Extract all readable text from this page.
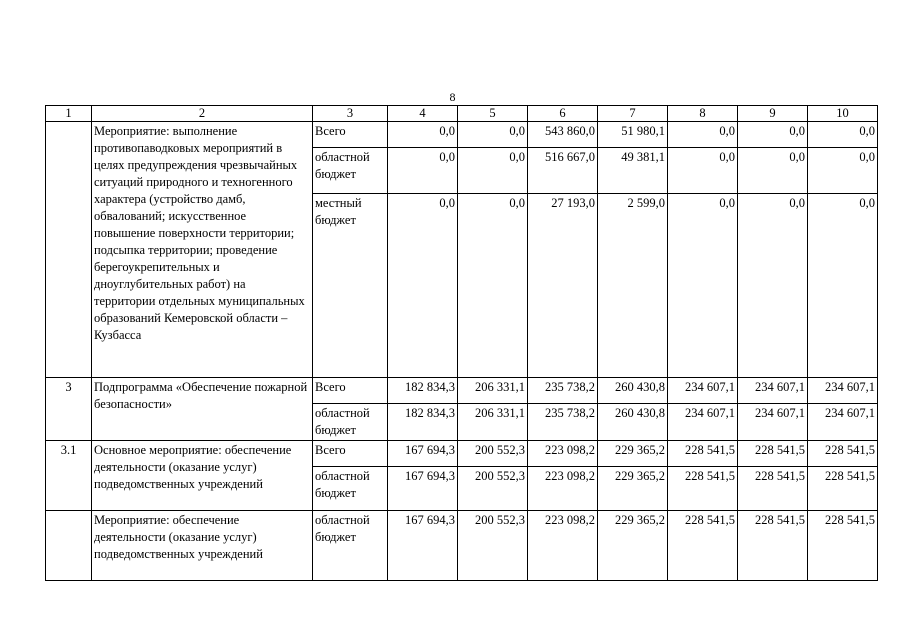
8
1	2	3	4	5	6	7	8	9	10
	Мероприятие: выполнение противопаводковых мероприятий в целях предупреждения чрезвычайных ситуаций природного и техногенного характера (устройство дамб, обвалований; искусственное повышение поверхности территории; подсыпка территории; проведение берегоукрепительных и дноуглубительных работ) на территории отдельных муниципальных образований Кемеровской области – Кузбасса	Всего	0,0	0,0	543 860,0	51 980,1	0,0	0,0	0,0
		областной бюджет	0,0	0,0	516 667,0	49 381,1	0,0	0,0	0,0
		местный бюджет	0,0	0,0	27 193,0	2 599,0	0,0	0,0	0,0
3	Подпрограмма «Обеспечение пожарной безопасности»	Всего	182 834,3	206 331,1	235 738,2	260 430,8	234 607,1	234 607,1	234 607,1
		областной бюджет	182 834,3	206 331,1	235 738,2	260 430,8	234 607,1	234 607,1	234 607,1
3.1	Основное мероприятие: обеспечение деятельности (оказание услуг) подведомственных учреждений	Всего	167 694,3	200 552,3	223 098,2	229 365,2	228 541,5	228 541,5	228 541,5
		областной бюджет	167 694,3	200 552,3	223 098,2	229 365,2	228 541,5	228 541,5	228 541,5
	Мероприятие: обеспечение деятельности (оказание услуг) подведомственных учреждений	областной бюджет	167 694,3	200 552,3	223 098,2	229 365,2	228 541,5	228 541,5	228 541,5
